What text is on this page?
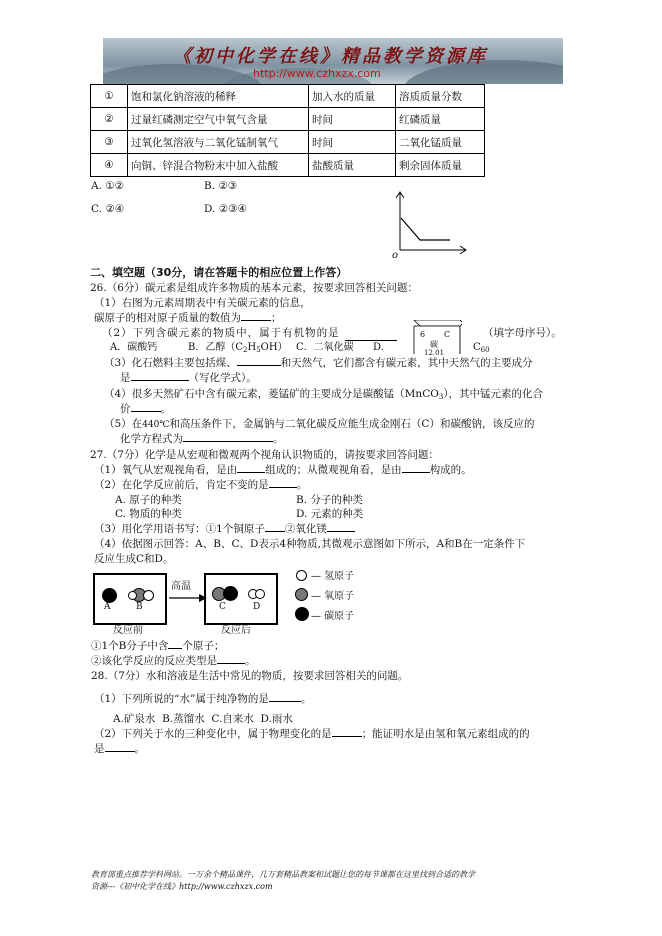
《初中化学在线》精品教学资源库
http://www.czhxzx.com
①	饱和氯化钠溶液的稀释	加入水的质量	溶质质量分数
②	过量红磷测定空气中氧气含量	时间	红磷质量
③	过氧化氢溶液与二氧化锰制氧气	时间	二氧化锰质量
④	向铜、锌混合物粉末中加入盐酸	盐酸质量	剩余固体质量
A. ①②	B. ②③
C. ②④	D. ②③④
o
二、填空题（30分，请在答题卡的相应位置上作答）
26.（6分）碳元素是组成许多物质的基本元素，按要求回答相关问题：
（1）右图为元素周期表中有关碳元素的信息，
碳原子的相对原子质量的数值为	；
（2）下列含碳元素的物质中，属于有机物的是	（填字母序号）。
6 C
碳
12.01
A．碳酸钙	B．乙醇$(C_2H_5OH)$ C．二氧化碳 D.	$C_{60}$
（3）化石燃料主要包括煤、	和天然气，它们都含有碳元素，其中天然气的主要成分
是	（写化学式）。
（4）很多天然矿石中含有碳元素，菱锰矿的主要成分是碳酸锰（MnCO$_3$），其中锰元素的化合
价	。
（5）在440℃和高压条件下，金属钠与二氧化碳反应能生成金刚石（C）和碳酸钠，该反应的
化学方程式为	。
27.（7分）化学是从宏观和微观两个视角认识物质的，请按要求回答问题：
（1）氧气从宏观视角看，是由	组成的；从微观视角看，是由	构成的。
（2）在化学反应前后，肯定不变的是	。
A. 原子的种类	B. 分子的种类
C. 物质的种类	D. 元素的种类
（3）用化学用语书写：①1个铜原子 ②氧化镁
（4）依据图示回答：A、B、C、D表示4种物质,其微观示意图如下所示，A和B在一定条件下
反应生成C和D。
A	B
高温
C	D
反应前	反应后
— 氢原子
— 氧原子
— 碳原子
①1个B分子中含 个原子；
②该化学反应的反应类型是	。
28.（7分）水和溶液是生活中常见的物质，按要求回答相关的问题。
（1）下列所说的“水”属于纯净物的是	。
A.矿泉水  B.蒸馏水  C.自来水  D.雨水
（2）下列关于水的三种变化中，属于物理变化的是	；能证明水是由氢和氧元素组成的的
是	。
教育部重点推荐学科网站。一万余个精品课件，几万套精品教案和试题让您的每节课都在这里找到合适的教学
资源---《初中化学在线》http://www.czhxzx.com
